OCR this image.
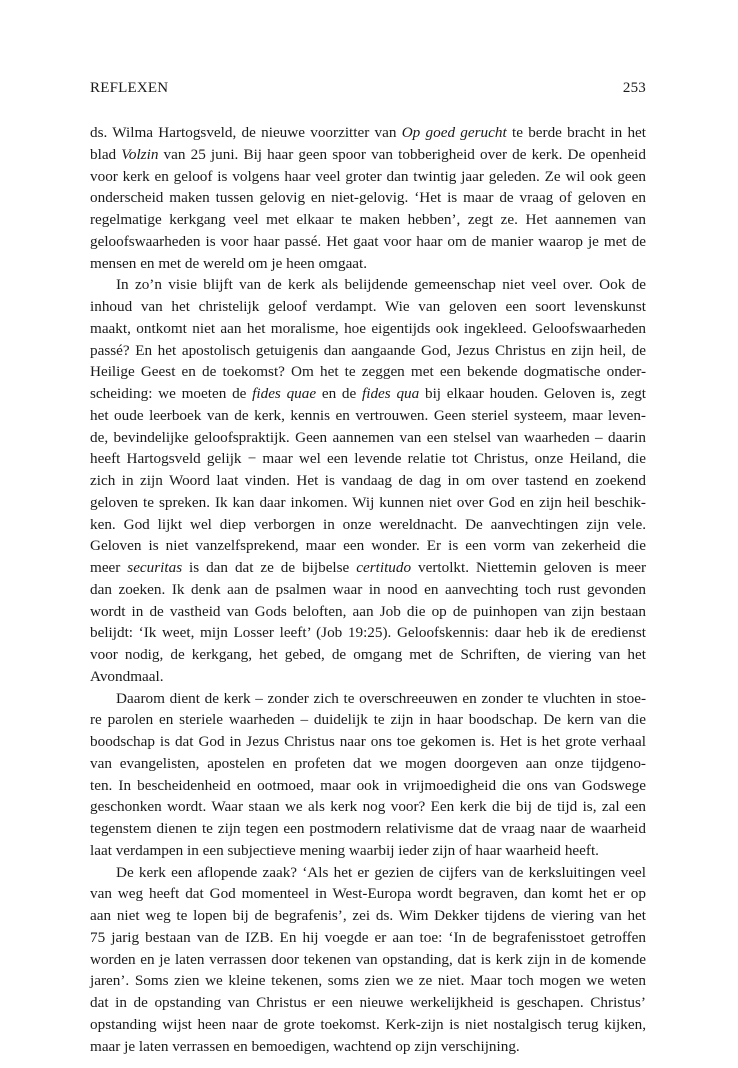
REFLEXEN	253
ds. Wilma Hartogsveld, de nieuwe voorzitter van Op goed gerucht te berde bracht in het
blad Volzin van 25 juni. Bij haar geen spoor van tobberigheid over de kerk. De openheid
voor kerk en geloof is volgens haar veel groter dan twintig jaar geleden. Ze wil ook geen
onderscheid maken tussen gelovig en niet-gelovig. ‘Het is maar de vraag of geloven en
regelmatige kerkgang veel met elkaar te maken hebben’, zegt ze. Het aannemen van
geloofswaarheden is voor haar passé. Het gaat voor haar om de manier waarop je met de
mensen en met de wereld om je heen omgaat.
In zo’n visie blijft van de kerk als belijdende gemeenschap niet veel over. Ook de
inhoud van het christelijk geloof verdampt. Wie van geloven een soort levenskunst
maakt, ontkomt niet aan het moralisme, hoe eigentijds ook ingekleed. Geloofswaarheden
passé? En het apostolisch getuigenis dan aangaande God, Jezus Christus en zijn heil, de
Heilige Geest en de toekomst? Om het te zeggen met een bekende dogmatische onder-
scheiding: we moeten de fides quae en de fides qua bij elkaar houden. Geloven is, zegt
het oude leerboek van de kerk, kennis en vertrouwen. Geen steriel systeem, maar leven-
de, bevindelijke geloofspraktijk. Geen aannemen van een stelsel van waarheden – daarin
heeft Hartogsveld gelijk − maar wel een levende relatie tot Christus, onze Heiland, die
zich in zijn Woord laat vinden. Het is vandaag de dag in om over tastend en zoekend
geloven te spreken. Ik kan daar inkomen. Wij kunnen niet over God en zijn heil beschik-
ken. God lijkt wel diep verborgen in onze wereldnacht. De aanvechtingen zijn vele.
Geloven is niet vanzelfsprekend, maar een wonder. Er is een vorm van zekerheid die
meer securitas is dan dat ze de bijbelse certitudo vertolkt. Niettemin geloven is meer
dan zoeken. Ik denk aan de psalmen waar in nood en aanvechting toch rust gevonden
wordt in de vastheid van Gods beloften, aan Job die op de puinhopen van zijn bestaan
belijdt: ‘Ik weet, mijn Losser leeft’ (Job 19:25). Geloofskennis: daar heb ik de eredienst
voor nodig, de kerkgang, het gebed, de omgang met de Schriften, de viering van het
Avondmaal.
Daarom dient de kerk – zonder zich te overschreeuwen en zonder te vluchten in stoe-
re parolen en steriele waarheden – duidelijk te zijn in haar boodschap. De kern van die
boodschap is dat God in Jezus Christus naar ons toe gekomen is. Het is het grote verhaal
van evangelisten, apostelen en profeten dat we mogen doorgeven aan onze tijdgeno-
ten. In bescheidenheid en ootmoed, maar ook in vrijmoedigheid die ons van Godswege
geschonken wordt. Waar staan we als kerk nog voor? Een kerk die bij de tijd is, zal een
tegenstem dienen te zijn tegen een postmodern relativisme dat de vraag naar de waarheid
laat verdampen in een subjectieve mening waarbij ieder zijn of haar waarheid heeft.
De kerk een aflopende zaak? ‘Als het er gezien de cijfers van de kerksluitingen veel
van weg heeft dat God momenteel in West-Europa wordt begraven, dan komt het er op
aan niet weg te lopen bij de begrafenis’, zei ds. Wim Dekker tijdens de viering van het
75 jarig bestaan van de IZB. En hij voegde er aan toe: ‘In de begrafenisstoet getroffen
worden en je laten verrassen door tekenen van opstanding, dat is kerk zijn in de komende
jaren’. Soms zien we kleine tekenen, soms zien we ze niet. Maar toch mogen we weten
dat in de opstanding van Christus er een nieuwe werkelijkheid is geschapen. Christus’
opstanding wijst heen naar de grote toekomst. Kerk-zijn is niet nostalgisch terug kijken,
maar je laten verrassen en bemoedigen, wachtend op zijn verschijning.
